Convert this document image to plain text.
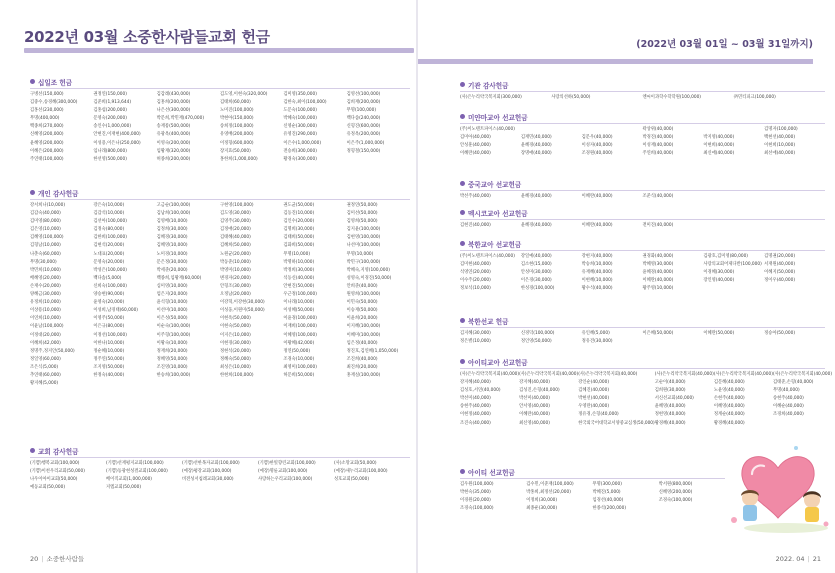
2022년 03월 소중한사람들교회 헌금
십일조 헌금
구병선(150,000)	권정연(150,000)	김갑례(430,000)	김도영,이현숙(320,000)	김미영(350,000)	김영선(100,000)
김중수,송경혜(300,000)	김준희(1,913,644)	김홍희(200,000)	김태희(60,000)	김한숙,최이(100,000)	김희재(200,000)
김홍선(230,000)	김홍섭(200,000)	나은선(300,000)	노미진(100,000)	도문숙(100,000)	무명(100,000)
무명(400,000)	문영숙(200,000)	박문희,박민재(470,000)	박현아(150,000)	박혜숙(100,000)	백다솜(240,000)
백종희(270,000)	송인수(1,000,000)	송재룡(500,000)	송희정(100,000)	신영순(300,000)	신형진(600,000)
신혜영(200,000)	안현진,이재현(400,000)	유광옥(400,000)	유영배(200,000)	유영진(290,000)	유정옥(200,000)
윤혜영(200,000)	이성용,이은나(250,000)	이영숙(200,000)	이정형(600,000)	이은수(1,000,000)	이은주(1,000,000)
이혜은(200,000)	임나래(800,000)	임황재(320,000)	장지효(50,000)	전승희(300,000)	정형철(150,000)
주연태(100,000)	한선영(500,000)	허종희(200,000)	홍한희(1,000,000)	황경숙(300,000)
개인 감사헌금
강서희나(10,000)	강은숙(10,000)	고금순(100,000)	구현영(100,000)	권도균(50,000)	권정연(50,000)
김갑숙(40,000)	김갑석(10,000)	김남희(100,000)	김도영(30,000)	김동진(10,000)	김미선(50,000)
김미영(80,000)	김선아(100,000)	김영배(10,000)	김영주(30,000)	김인수(20,000)	김영희(50,000)
김은영(10,000)	김정숙(80,000)	김정희(30,000)	김정애(20,000)	김명희(30,000)	김지윤(100,000)
김혜영(100,000)	김한희(100,000)	김혜경(30,000)	김태혜(40,000)	김태희(50,000)	김현영(100,000)
김형남(10,000)	김현석(20,000)	김혜영(10,000)	김혜희(50,000)	김화희(50,000)	나선미(100,000)
나춘숙(60,000)	노대표(20,000)	노미경(10,000)	노원균(20,000)	무명(10,000)	무명(10,000)
무명(30,000)	문영숙(20,000)	문은정(30,000)	박동준(10,000)	박명하(10,000)	박민구(100,000)
박민희(10,000)	박성은(100,000)	박세준(20,000)	박영미(10,000)	박정희(30,000)	박혜숙,지영(100,000)
배혜영(20,000)	백다솜(5,000)	백종희,임황재(60,000)	변경자(20,000)	석동신(40,000)	성영숙,이경진(50,000)
손재수(20,000)	신희숙(100,000)	심미영(10,000)	안형조(30,000)	안현진(50,000)	안희준(40,000)
양혜금(30,000)	양승현(90,000)	엄은지(20,000)	오정남(20,000)	우근정(100,000)	원영희(100,000)
유정희(10,000)	윤영숙(20,000)	윤석형(10,000)	이강혁,이강현(30,000)	이나래(10,000)	이민숙(50,000)
이상용(10,000)	이성희,남경태(60,000)	이선미(10,000)	이성웅,이원미(50,000)	이성혜(50,000)	이승재(50,000)
이연희(10,000)	이영주(50,000)	이은성(50,000)	이현옥(50,000)	이윤경(100,000)	이윤희(20,000)
이윤남(100,000)	이은규(80,000)	이순숙(100,000)	이현숙(50,000)	이재희(100,000)	이지혜(100,000)
이정대(20,000)	이정선(100,000)	이주형(100,000)	이지은(10,000)	이혜영(100,000)	이혜미(100,000)
이혜희(42,000)	이한나(10,000)	이황숙(10,000)	이현경(30,000)	이황혜(42,000)	임은정(40,000)
정명주,정지안(50,000)	정순혜(10,000)	정재희(20,000)	정현석(20,000)	정연(50,000)	정진호,김연혜(1,050,000)
정일영(60,000)	정주연(50,000)	정혜영(50,000)	정혜숙(50,000)	조경숙(10,000)	조진희(40,000)
조은식(5,000)	조지영(50,000)	조진영(10,000)	최성은(10,000)	최영미(100,000)	최진희(20,000)
추연태(60,000)	한정숙(40,000)	한승희(100,000)	한현희(100,000)	허문희(50,000)	홍재실(100,000)
황지혜(5,000)
교회 감사헌금
(기쁨)행복교회(100,000)	(기쁨)선재평지교회(100,000)	(기쁨)선한목자교회(100,000)	(기쁨)한빛향린교회(100,000)	(사)소망교회(50,000)
(기쁨)이천우리교회(50,000)	(기쁨)동광현성결교회(100,000)	(예장)평강교회(100,000)	(예장)명륜교회(100,000)	(예장)새누리교회(100,000)
나우이아이교회(50,000)	베이직교회(1,000,000)	비전성서침례교회(30,000)	사랑하는우리교회(100,000)	성호교회(50,000)
예동교회(50,000)	지엠교회(50,000)
20 | 소중한사람들
(2022년 03월 01일 ~ 03월 31일까지)
기관 감사헌금
(사)은누리약국복지회(300,000)	사랑의선하(50,000)	엔씨이과학수학학원(100,000)	㈜민티피크(100,000)
미얀마교아 선교헌금
(주)이노텐트파이스(40,000)	곽상위(40,000)	김명자(100,000)
김미아(40,000)	김재민(40,000)	김문우(40,000)	박경진(40,000)	박지영(40,000)	백현선(40,000)
안성훈(40,000)	윤혜경(40,000)	이성자(40,000)	이성재(40,000)	이현희(40,000)	이현희(10,000)
이혜란(40,000)	장명애(40,000)	조경원(40,000)	주연희(40,000)	최신애(40,000)	최선애(40,000)
중국교아 선교헌금
박선주(40,000)	윤혜경(40,000)	이혜란(40,000)	조준식(40,000)
멕시코교아 선교헌금
김현진(40,000)	윤혜경(40,000)	이혜란(40,000)	전미진(40,000)
북한교아 선교헌금
(주)이노텐트파이스(40,000)	강일예(40,000)	강현지(40,000)	권경화(40,000)	김광호,김미영(80,000)	김명권(20,000)
김미현(40,000)	김소현(15,000)	박승희(10,000)	박혜영(30,000)	사랑의교회어제다반(100,000) 서재원(40,000)
석영연(20,000)	안성미(30,000)	유재혜(40,000)	윤혜경(40,000)	이경혜(30,000)	이혜지(50,000)
이수주(20,000)	이은경(30,000)	이현혜(10,000)	이혜란(40,000)	장인영(40,000)	정이우(40,000)
정보석(10,000)	한성경(100,000)	황수석(40,000)	황주영(10,000)
북한선교 헌금
김지혜(30,000)	신경덕(100,000)	유인혜(5,000)	이은혜(50,000)	이혜란(50,000)	정승아(50,000)
정은별(10,000)	정인영(50,000)	정유견(30,000)
아이티교아 선교헌금
(사)은누리약국복지회(40,000) (사)은누리약국복지회(40,000) (사)은누리약국복지회(40,000)	(사)은누리약국복지회(40,000) (사)은누리약국복지회(40,000) (사)은누리약국복지회(40,000)
강지혜(40,000)	강지혜(40,000)	강인순(40,000)	고순이(40,000)	김문혜(40,000)	김태준,손형(40,000)
김성호,서연(40,000)	김성진,손형(40,000)	김혜진(40,000)	김희원(30,000)	노윤영(40,000)	무명(40,000)
박선미(40,000)	박선미(40,000)	박현선(40,000)	서신선교회(40,000)	손현주(40,000)	송현주(40,000)
송현주(40,000)	안서영(40,000)	우영란(40,000)	윤혜영(40,000)	이혜영(40,000)	이혜순(40,000)
이현정(40,000)	이혜란(40,000)	정유경,손형(40,000)	정현영(40,000)	정계순(40,000)	조경희(40,000)
조진숙(40,000)	최신영(40,000)	한국외국어대학교서양중교심생(50,000) 황경혜(40,000)	황경혜(40,000)
아이티 선교헌금
김우원(100,000)	김수민,이준재(100,000)	무명(300,000)	박서원(800,000)
박현숙(35,000)	박홍희,최정선(20,000)	박혜진(5,000)	신혜영(200,000)
이경원(20,000)	이정희(30,000)	임경선(40,000)	조경숙(100,000)
조경숙(100,000)	최종운(30,000)	한종석(200,000)
2022. 04 | 21
